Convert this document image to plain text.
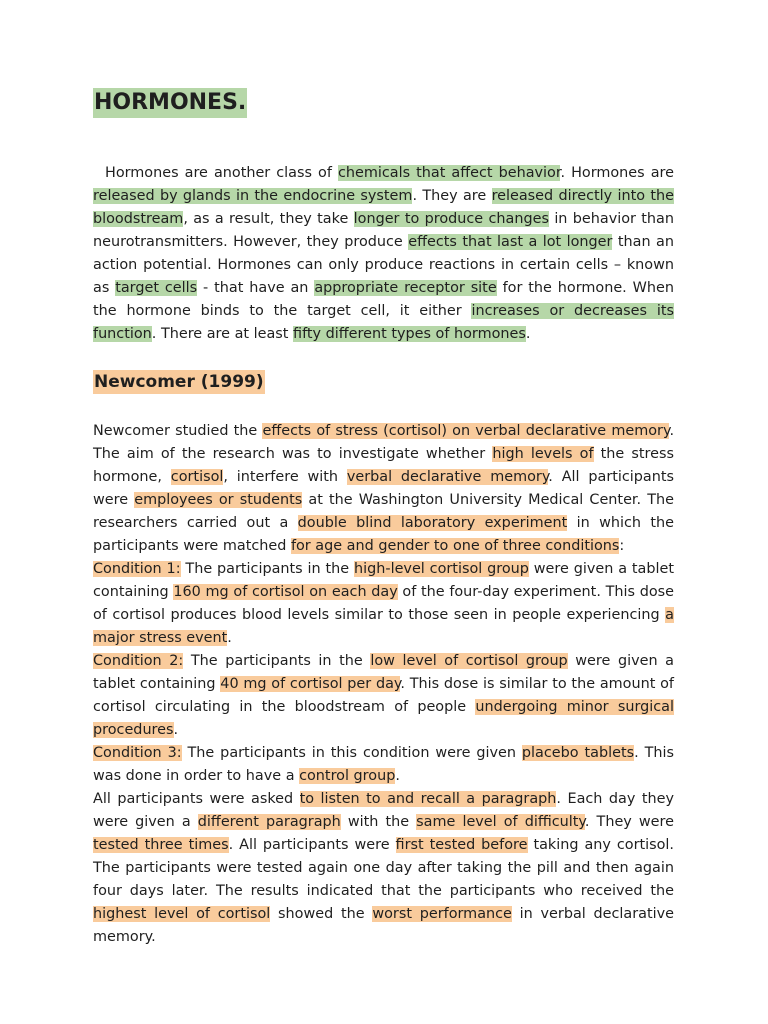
HORMONES.

Hormones are another class of chemicals that affect behavior. Hormones are released by glands in the endocrine system. They are released directly into the bloodstream, as a result, they take longer to produce changes in behavior than neurotransmitters. However, they produce effects that last a lot longer than an action potential. Hormones can only produce reactions in certain cells – known as target cells - that have an appropriate receptor site for the hormone. When the hormone binds to the target cell, it either increases or decreases its function. There are at least fifty different types of hormones.

Newcomer (1999)

Newcomer studied the effects of stress (cortisol) on verbal declarative memory. The aim of the research was to investigate whether high levels of the stress hormone, cortisol, interfere with verbal declarative memory. All participants were employees or students at the Washington University Medical Center. The researchers carried out a double blind laboratory experiment in which the participants were matched for age and gender to one of three conditions:
Condition 1: The participants in the high-level cortisol group were given a tablet containing 160 mg of cortisol on each day of the four-day experiment. This dose of cortisol produces blood levels similar to those seen in people experiencing a major stress event.
Condition 2: The participants in the low level of cortisol group were given a tablet containing 40 mg of cortisol per day. This dose is similar to the amount of cortisol circulating in the bloodstream of people undergoing minor surgical procedures.
Condition 3: The participants in this condition were given placebo tablets. This was done in order to have a control group.
All participants were asked to listen to and recall a paragraph. Each day they were given a different paragraph with the same level of difficulty. They were tested three times. All participants were first tested before taking any cortisol. The participants were tested again one day after taking the pill and then again four days later. The results indicated that the participants who received the highest level of cortisol showed the worst performance in verbal declarative memory.
